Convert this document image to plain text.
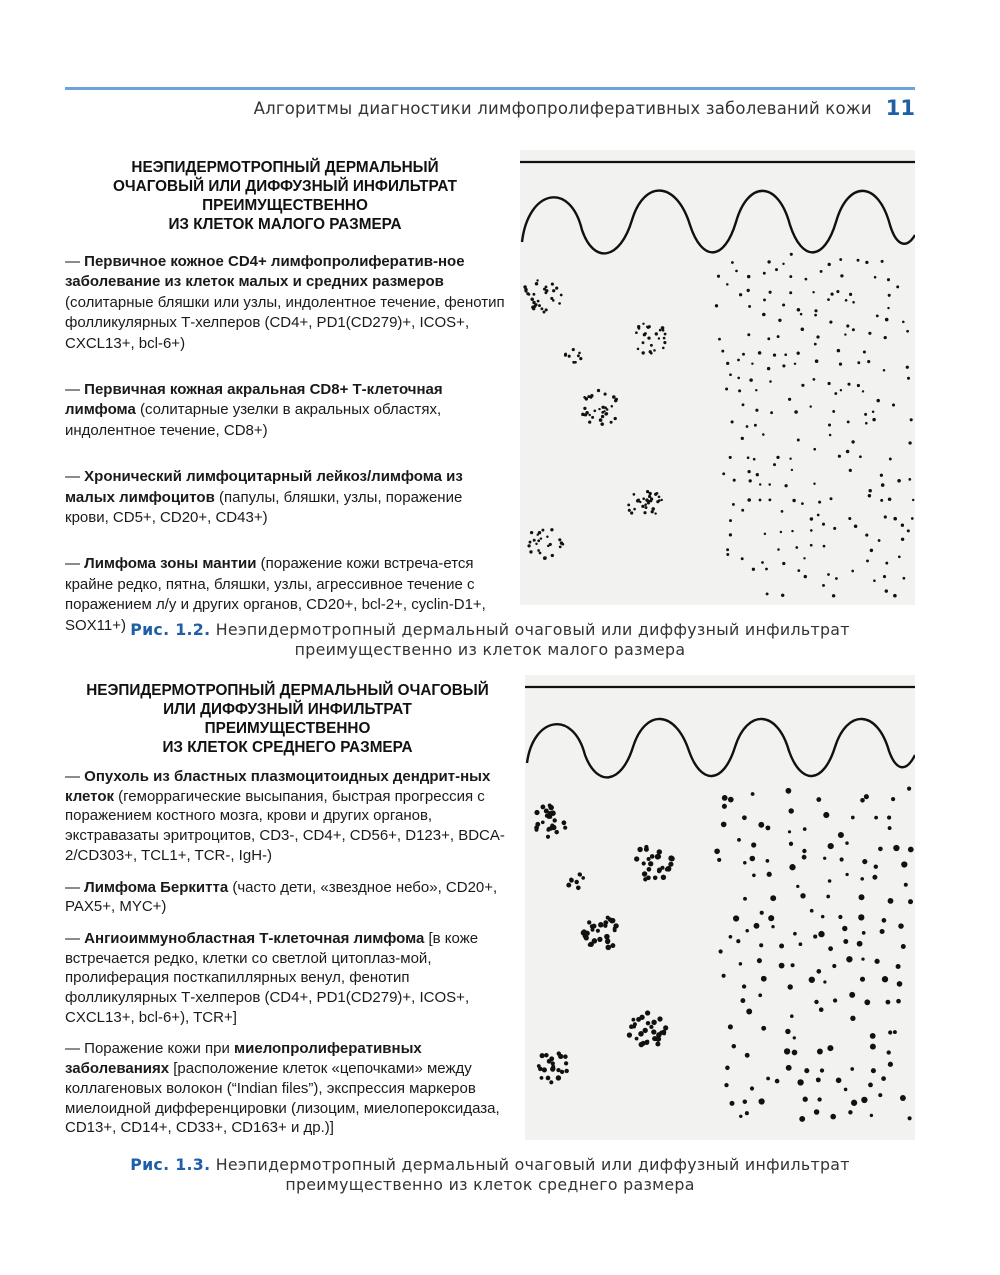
Алгоритмы диагностики лимфопролиферативных заболеваний кожи 11
НЕЭПИДЕРМОТРОПНЫЙ ДЕРМАЛЬНЫЙ
ОЧАГОВЫЙ ИЛИ ДИФФУЗНЫЙ ИНФИЛЬТРАТ
ПРЕИМУЩЕСТВЕННО
ИЗ КЛЕТОК МАЛОГО РАЗМЕРА

— Первичное кожное CD4+ лимфопролифератив-ное заболевание из клеток малых и средних размеров (солитарные бляшки или узлы, индолентное течение, фенотип фолликулярных Т-хелперов (CD4+, PD1(CD279)+, ICOS+, CXCL13+, bcl-6+)

— Первичная кожная акральная CD8+ Т-клеточная лимфома (солитарные узелки в акральных областях, индолентное течение, CD8+)

— Хронический лимфоцитарный лейкоз/лимфома из малых лимфоцитов (папулы, бляшки, узлы, поражение крови, CD5+, CD20+, CD43+)

— Лимфома зоны мантии (поражение кожи встреча-ется крайне редко, пятна, бляшки, узлы, агрессивное течение с поражением л/у и других органов, CD20+, bcl-2+, cyclin-D1+, SOX11+) Рис. 1.2. Неэпидермотропный дермальный очаговый или диффузный инфильтрат преимущественно из клеток малого размера
НЕЭПИДЕРМОТРОПНЫЙ ДЕРМАЛЬНЫЙ ОЧАГОВЫЙ
ИЛИ ДИФФУЗНЫЙ ИНФИЛЬТРАТ
ПРЕИМУЩЕСТВЕННО
ИЗ КЛЕТОК СРЕДНЕГО РАЗМЕРА

— Опухоль из бластных плазмоцитоидных дендрит-ных клеток (геморрагические высыпания, быстрая прогрессия с поражением костного мозга, крови и других органов, экстравазаты эритроцитов, CD3-, CD4+, CD56+, D123+, BDCA-2/CD303+, TCL1+, TCR-, IgH-)

— Лимфома Беркитта (часто дети, «звездное небо», CD20+, PAX5+, MYC+)

— Ангиоиммунобластная Т-клеточная лимфома [в коже встречается редко, клетки со светлой цитоплаз-мой, пролиферация посткапиллярных венул, фенотип фолликулярных Т-хелперов (CD4+, PD1(CD279)+, ICOS+, CXCL13+, bcl-6+), TCR+]

— Поражение кожи при миелопролиферативных заболеваниях [расположение клеток «цепочками» между коллагеновых волокон (“Indian files”), экспрессия маркеров миелоидной дифференцировки (лизоцим, миелопероксидаза, CD13+, CD14+, CD33+, CD163+ и др.)]

Рис. 1.3. Неэпидермотропный дермальный очаговый или диффузный инфильтрат преимущественно из клеток среднего размера
